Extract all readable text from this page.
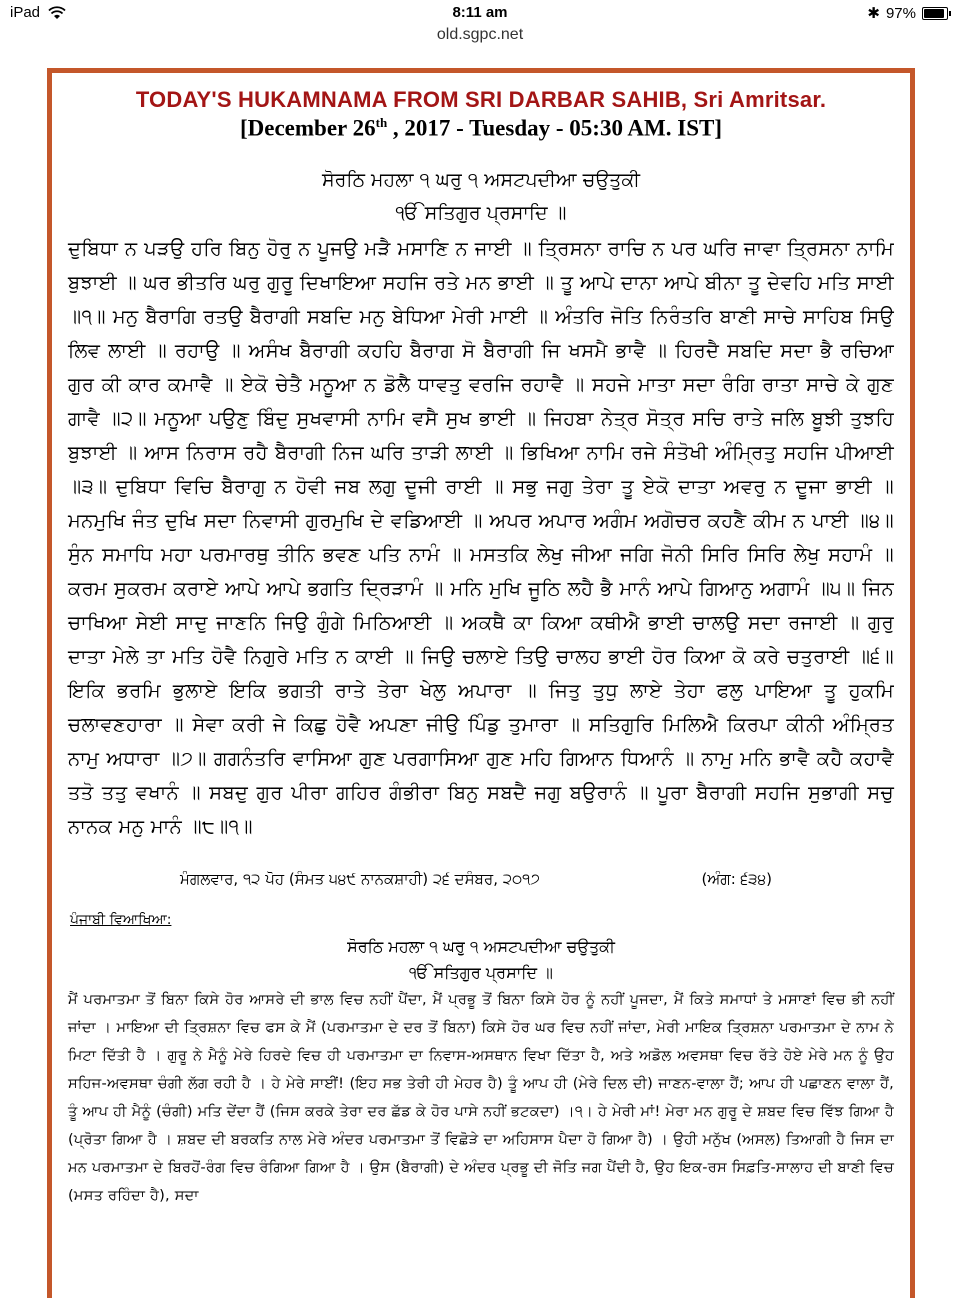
iPad	8:11 am	✱ 97%
old.sgpc.net
TODAY'S HUKAMNAMA FROM SRI DARBAR SAHIB, Sri Amritsar.
[December 26th , 2017 - Tuesday - 05:30 AM. IST]
ਸੋਰਠਿ ਮਹਲਾ ੧ ਘਰੁ ੧ ਅਸਟਪਦੀਆ ਚਉਤੁਕੀ
ੴ ਸਤਿਗੁਰ ਪ੍ਰਸਾਦਿ ॥
ਦੁਬਿਧਾ ਨ ਪੜਉ ਹਰਿ ਬਿਨੁ ਹੋਰੁ ਨ ਪੂਜਉ ਮੜੈ ਮਸਾਣਿ ਨ ਜਾਈ ॥ ਤ੍ਰਿਸਨਾ ਰਾਚਿ ਨ ਪਰ ਘਰਿ ਜਾਵਾ ਤ੍ਰਿਸਨਾ ਨਾਮਿ ਬੁਝਾਈ ॥ ਘਰ ਭੀਤਰਿ ਘਰੁ ਗੁਰੂ ਦਿਖਾਇਆ ਸਹਜਿ ਰਤੇ ਮਨ ਭਾਈ ॥ ਤੂ ਆਪੇ ਦਾਨਾ ਆਪੇ ਬੀਨਾ ਤੂ ਦੇਵਹਿ ਮਤਿ ਸਾਈ ॥੧॥ ਮਨੁ ਬੈਰਾਗਿ ਰਤਉ ਬੈਰਾਗੀ ਸਬਦਿ ਮਨੁ ਬੇਧਿਆ ਮੇਰੀ ਮਾਈ ॥ ਅੰਤਰਿ ਜੋਤਿ ਨਿਰੰਤਰਿ ਬਾਣੀ ਸਾਚੇ ਸਾਹਿਬ ਸਿਉ ਲਿਵ ਲਾਈ ॥ ਰਹਾਉ ॥ ਅਸੰਖ ਬੈਰਾਗੀ ਕਹਹਿ ਬੈਰਾਗ ਸੋ ਬੈਰਾਗੀ ਜਿ ਖਸਮੈ ਭਾਵੈ ॥ ਹਿਰਦੈ ਸਬਦਿ ਸਦਾ ਭੈ ਰਚਿਆ ਗੁਰ ਕੀ ਕਾਰ ਕਮਾਵੈ ॥ ਏਕੋ ਚੇਤੈ ਮਨੂਆ ਨ ਡੋਲੈ ਧਾਵਤੁ ਵਰਜਿ ਰਹਾਵੈ ॥ ਸਹਜੇ ਮਾਤਾ ਸਦਾ ਰੰਗਿ ਰਾਤਾ ਸਾਚੇ ਕੇ ਗੁਣ ਗਾਵੈ ॥੨॥ ਮਨੂਆ ਪਉਣੁ ਬਿੰਦੁ ਸੁਖਵਾਸੀ ਨਾਮਿ ਵਸੈ ਸੁਖ ਭਾਈ ॥ ਜਿਹਬਾ ਨੇਤ੍ਰ ਸੋਤ੍ਰ ਸਚਿ ਰਾਤੇ ਜਲਿ ਬੂਝੀ ਤੁਝਹਿ ਬੁਝਾਈ ॥ ਆਸ ਨਿਰਾਸ ਰਹੈ ਬੈਰਾਗੀ ਨਿਜ ਘਰਿ ਤਾੜੀ ਲਾਈ ॥ ਭਿਖਿਆ ਨਾਮਿ ਰਜੇ ਸੰਤੋਖੀ ਅੰਮ੍ਰਿਤੁ ਸਹਜਿ ਪੀਆਈ ॥੩॥ ਦੁਬਿਧਾ ਵਿਚਿ ਬੈਰਾਗੁ ਨ ਹੋਵੀ ਜਬ ਲਗੁ ਦੂਜੀ ਰਾਈ ॥ ਸਭੁ ਜਗੁ ਤੇਰਾ ਤੂ ਏਕੋ ਦਾਤਾ ਅਵਰੁ ਨ ਦੂਜਾ ਭਾਈ ॥ ਮਨਮੁਖਿ ਜੰਤ ਦੁਖਿ ਸਦਾ ਨਿਵਾਸੀ ਗੁਰਮੁਖਿ ਦੇ ਵਡਿਆਈ ॥ ਅਪਰ ਅਪਾਰ ਅਗੰਮ ਅਗੋਚਰ ਕਹਣੈ ਕੀਮ ਨ ਪਾਈ ॥੪॥ ਸੁੰਨ ਸਮਾਧਿ ਮਹਾ ਪਰਮਾਰਥੁ ਤੀਨਿ ਭਵਣ ਪਤਿ ਨਾਮੰ ॥ ਮਸਤਕਿ ਲੇਖੁ ਜੀਆ ਜਗਿ ਜੋਨੀ ਸਿਰਿ ਸਿਰਿ ਲੇਖੁ ਸਹਾਮੰ ॥ ਕਰਮ ਸੁਕਰਮ ਕਰਾਏ ਆਪੇ ਆਪੇ ਭਗਤਿ ਦ੍ਰਿੜਾਮੰ ॥ ਮਨਿ ਮੁਖਿ ਜੂਠਿ ਲਹੈ ਭੈ ਮਾਨੰ ਆਪੇ ਗਿਆਨੁ ਅਗਾਮੰ ॥੫॥ ਜਿਨ ਚਾਖਿਆ ਸੇਈ ਸਾਦੁ ਜਾਣਨਿ ਜਿਉ ਗੁੰਗੇ ਮਿਠਿਆਈ ॥ ਅਕਥੈ ਕਾ ਕਿਆ ਕਥੀਐ ਭਾਈ ਚਾਲਉ ਸਦਾ ਰਜਾਈ ॥ ਗੁਰੁ ਦਾਤਾ ਮੇਲੇ ਤਾ ਮਤਿ ਹੋਵੈ ਨਿਗੁਰੇ ਮਤਿ ਨ ਕਾਈ ॥ ਜਿਉ ਚਲਾਏ ਤਿਉ ਚਾਲਹ ਭਾਈ ਹੋਰ ਕਿਆ ਕੋ ਕਰੇ ਚਤੁਰਾਈ ॥੬॥ ਇਕਿ ਭਰਮਿ ਭੁਲਾਏ ਇਕਿ ਭਗਤੀ ਰਾਤੇ ਤੇਰਾ ਖੇਲੁ ਅਪਾਰਾ ॥ ਜਿਤੁ ਤੁਧੁ ਲਾਏ ਤੇਹਾ ਫਲੁ ਪਾਇਆ ਤੂ ਹੁਕਮਿ ਚਲਾਵਣਹਾਰਾ ॥ ਸੇਵਾ ਕਰੀ ਜੇ ਕਿਛੁ ਹੋਵੈ ਅਪਣਾ ਜੀਉ ਪਿੰਡੁ ਤੁਮਾਰਾ ॥ ਸਤਿਗੁਰਿ ਮਿਲਿਐ ਕਿਰਪਾ ਕੀਨੀ ਅੰਮ੍ਰਿਤ ਨਾਮੁ ਅਧਾਰਾ ॥੭॥ ਗਗਨੰਤਰਿ ਵਾਸਿਆ ਗੁਣ ਪਰਗਾਸਿਆ ਗੁਣ ਮਹਿ ਗਿਆਨ ਧਿਆਨੰ ॥ ਨਾਮੁ ਮਨਿ ਭਾਵੈ ਕਹੈ ਕਹਾਵੈ ਤਤੋ ਤਤੁ ਵਖਾਨੰ ॥ ਸਬਦੁ ਗੁਰ ਪੀਰਾ ਗਹਿਰ ਗੰਭੀਰਾ ਬਿਨੁ ਸਬਦੈ ਜਗੁ ਬਉਰਾਨੰ ॥ ਪੂਰਾ ਬੈਰਾਗੀ ਸਹਜਿ ਸੁਭਾਗੀ ਸਚੁ ਨਾਨਕ ਮਨੁ ਮਾਨੰ ॥੮॥੧॥
ਮੰਗਲਵਾਰ, ੧੨ ਪੋਹ (ਸੰਮਤ ੫੪੯ ਨਾਨਕਸ਼ਾਹੀ) ੨੬ ਦਸੰਬਰ, ੨੦੧੭	(ਅੰਗ: ੬੩੪)
ਪੰਜਾਬੀ ਵਿਆਖਿਆ:
ਸੋਰਠਿ ਮਹਲਾ ੧ ਘਰੁ ੧ ਅਸਟਪਦੀਆ ਚਉਤੁਕੀ
ੴ ਸਤਿਗੁਰ ਪ੍ਰਸਾਦਿ ॥
ਮੈਂ ਪਰਮਾਤਮਾ ਤੋਂ ਬਿਨਾ ਕਿਸੇ ਹੋਰ ਆਸਰੇ ਦੀ ਭਾਲ ਵਿਚ ਨਹੀਂ ਪੈਂਦਾ, ਮੈਂ ਪ੍ਰਭੂ ਤੋਂ ਬਿਨਾ ਕਿਸੇ ਹੋਰ ਨੂੰ ਨਹੀਂ ਪੂਜਦਾ, ਮੈਂ ਕਿਤੇ ਸਮਾਧਾਂ ਤੇ ਮਸਾਣਾਂ ਵਿਚ ਭੀ ਨਹੀਂ ਜਾਂਦਾ । ਮਾਇਆ ਦੀ ਤ੍ਰਿਸ਼ਨਾ ਵਿਚ ਫਸ ਕੇ ਮੈਂ (ਪਰਮਾਤਮਾ ਦੇ ਦਰ ਤੋਂ ਬਿਨਾ) ਕਿਸੇ ਹੋਰ ਘਰ ਵਿਚ ਨਹੀਂ ਜਾਂਦਾ, ਮੇਰੀ ਮਾਇਕ ਤ੍ਰਿਸ਼ਨਾ ਪਰਮਾਤਮਾ ਦੇ ਨਾਮ ਨੇ ਮਿਟਾ ਦਿੱਤੀ ਹੈ । ਗੁਰੂ ਨੇ ਮੈਨੂੰ ਮੇਰੇ ਹਿਰਦੇ ਵਿਚ ਹੀ ਪਰਮਾਤਮਾ ਦਾ ਨਿਵਾਸ-ਅਸਥਾਨ ਵਿਖਾ ਦਿੱਤਾ ਹੈ, ਅਤੇ ਅਡੋਲ ਅਵਸਥਾ ਵਿਚ ਰੱਤੇ ਹੋਏ ਮੇਰੇ ਮਨ ਨੂੰ ਉਹ ਸਹਿਜ-ਅਵਸਥਾ ਚੰਗੀ ਲੱਗ ਰਹੀ ਹੈ । ਹੇ ਮੇਰੇ ਸਾਈਂ! (ਇਹ ਸਭ ਤੇਰੀ ਹੀ ਮੇਹਰ ਹੈ) ਤੂੰ ਆਪ ਹੀ (ਮੇਰੇ ਦਿਲ ਦੀ) ਜਾਣਨ-ਵਾਲਾ ਹੈਂ; ਆਪ ਹੀ ਪਛਾਣਨ ਵਾਲਾ ਹੈਂ, ਤੂੰ ਆਪ ਹੀ ਮੈਨੂੰ (ਚੰਗੀ) ਮਤਿ ਦੇਂਦਾ ਹੈਂ (ਜਿਸ ਕਰਕੇ ਤੇਰਾ ਦਰ ਛੱਡ ਕੇ ਹੋਰ ਪਾਸੇ ਨਹੀਂ ਭਟਕਦਾ) ।੧। ਹੇ ਮੇਰੀ ਮਾਂ! ਮੇਰਾ ਮਨ ਗੁਰੂ ਦੇ ਸ਼ਬਦ ਵਿਚ ਵਿੱਝ ਗਿਆ ਹੈ (ਪ੍ਰੋਤਾ ਗਿਆ ਹੈ । ਸ਼ਬਦ ਦੀ ਬਰਕਤਿ ਨਾਲ ਮੇਰੇ ਅੰਦਰ ਪਰਮਾਤਮਾ ਤੋਂ ਵਿਛੋੜੇ ਦਾ ਅਹਿਸਾਸ ਪੈਦਾ ਹੋ ਗਿਆ ਹੈ) । ਉਹੀ ਮਨੁੱਖ (ਅਸਲ) ਤਿਆਗੀ ਹੈ ਜਿਸ ਦਾ ਮਨ ਪਰਮਾਤਮਾ ਦੇ ਬਿਰਹੋਂ-ਰੰਗ ਵਿਚ ਰੰਗਿਆ ਗਿਆ ਹੈ । ਉਸ (ਬੈਰਾਗੀ) ਦੇ ਅੰਦਰ ਪ੍ਰਭੂ ਦੀ ਜੋਤਿ ਜਗ ਪੈਂਦੀ ਹੈ, ਉਹ ਇਕ-ਰਸ ਸਿਫ਼ਤਿ-ਸਾਲਾਹ ਦੀ ਬਾਣੀ ਵਿਚ (ਮਸਤ ਰਹਿੰਦਾ ਹੈ), ਸਦਾ
